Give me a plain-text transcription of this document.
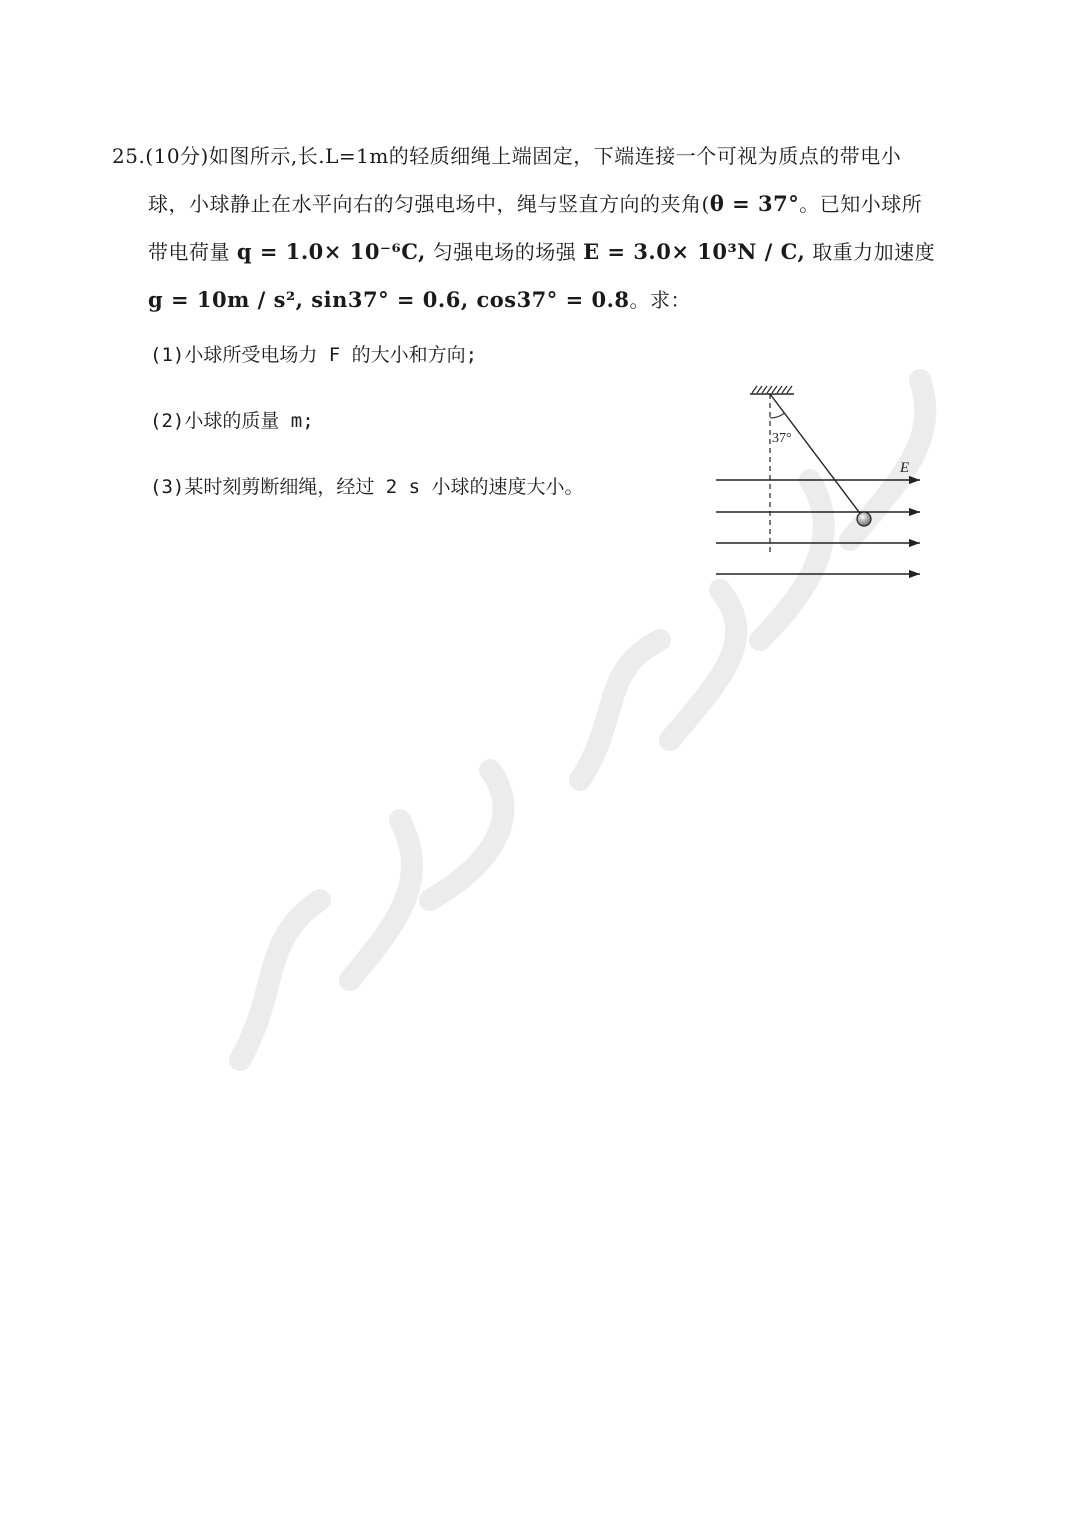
25.(10分)如图所示,长.L=1m的轻质细绳上端固定，下端连接一个可视为质点的带电小
球，小球静止在水平向右的匀强电场中，绳与竖直方向的夹角(θ = 37°。已知小球所
带电荷量 q = 1.0× 10⁻⁶C, 匀强电场的场强 E = 3.0× 10³N / C, 取重力加速度
g = 10m / s², sin37° = 0.6, cos37° = 0.8。求：
(1)小球所受电场力 F 的大小和方向;
(2)小球的质量 m;
(3)某时刻剪断细绳，经过 2 s 小球的速度大小。
37°
E
